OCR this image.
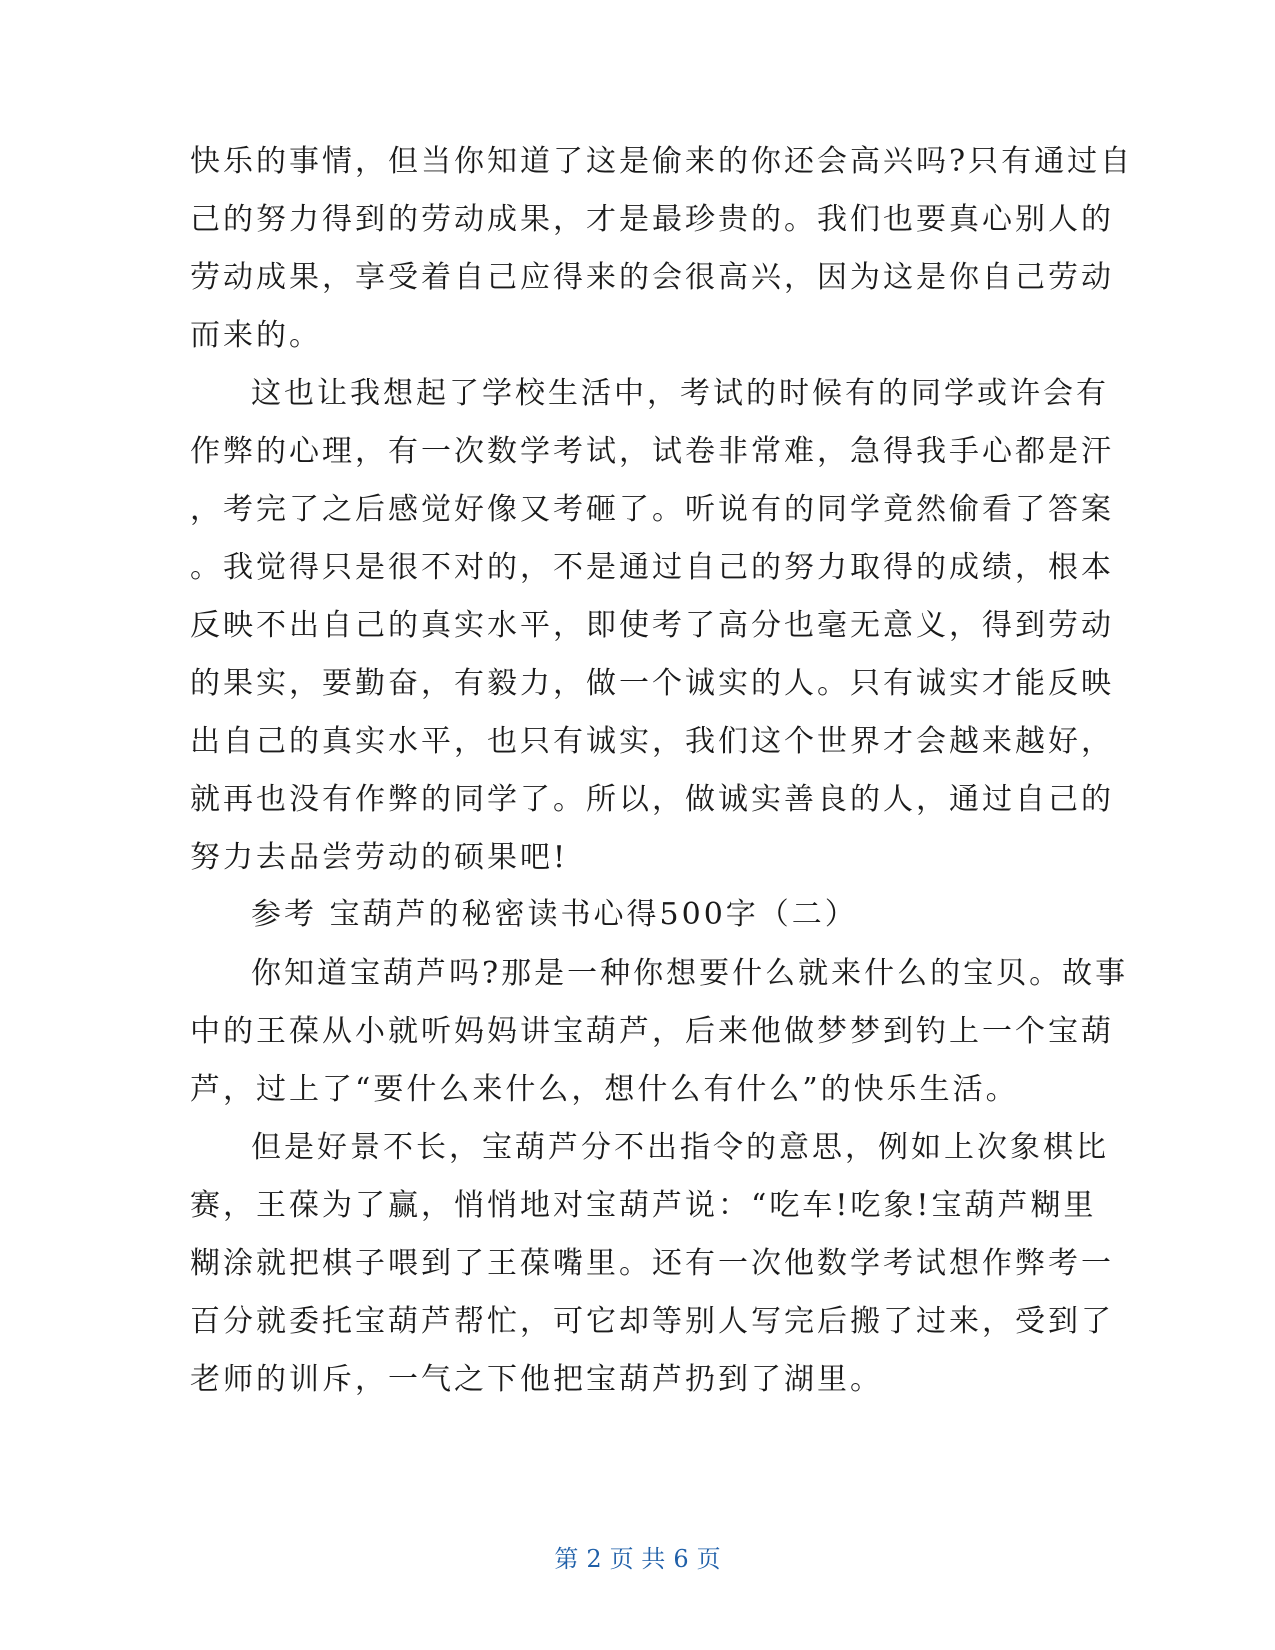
快乐的事情，但当你知道了这是偷来的你还会高兴吗?只有通过自
己的努力得到的劳动成果，才是最珍贵的。我们也要真心别人的
劳动成果，享受着自己应得来的会很高兴，因为这是你自己劳动
而来的。
这也让我想起了学校生活中，考试的时候有的同学或许会有
作弊的心理，有一次数学考试，试卷非常难，急得我手心都是汗
，考完了之后感觉好像又考砸了。听说有的同学竟然偷看了答案
。我觉得只是很不对的，不是通过自己的努力取得的成绩，根本
反映不出自己的真实水平，即使考了高分也毫无意义，得到劳动
的果实，要勤奋，有毅力，做一个诚实的人。只有诚实才能反映
出自己的真实水平，也只有诚实，我们这个世界才会越来越好，
就再也没有作弊的同学了。所以，做诚实善良的人，通过自己的
努力去品尝劳动的硕果吧!
参考 宝葫芦的秘密读书心得500字（二）
你知道宝葫芦吗?那是一种你想要什么就来什么的宝贝。故事
中的王葆从小就听妈妈讲宝葫芦，后来他做梦梦到钓上一个宝葫
芦，过上了“要什么来什么，想什么有什么”的快乐生活。
但是好景不长，宝葫芦分不出指令的意思，例如上次象棋比
赛，王葆为了赢，悄悄地对宝葫芦说：“吃车!吃象!宝葫芦糊里
糊涂就把棋子喂到了王葆嘴里。还有一次他数学考试想作弊考一
百分就委托宝葫芦帮忙，可它却等别人写完后搬了过来，受到了
老师的训斥，一气之下他把宝葫芦扔到了湖里。
第 2 页 共 6 页
